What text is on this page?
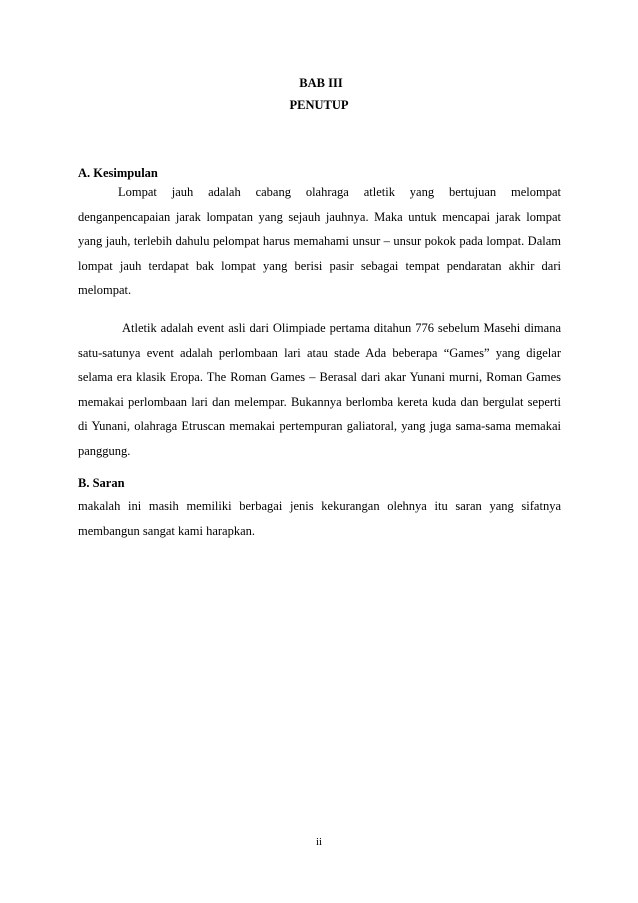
BAB III
PENUTUP
A. Kesimpulan
Lompat jauh adalah cabang olahraga atletik yang bertujuan melompat denganpencapaian jarak lompatan yang sejauh jauhnya. Maka untuk mencapai jarak lompat yang jauh, terlebih dahulu pelompat harus memahami unsur – unsur pokok pada lompat. Dalam lompat jauh terdapat bak lompat yang berisi pasir sebagai tempat pendaratan akhir dari melompat.
Atletik adalah event asli dari Olimpiade pertama ditahun 776 sebelum Masehi dimana satu-satunya event adalah perlombaan lari atau stade Ada beberapa “Games” yang digelar selama era klasik Eropa. The Roman Games – Berasal dari akar Yunani murni, Roman Games memakai perlombaan lari dan melempar. Bukannya berlomba kereta kuda dan bergulat seperti di Yunani, olahraga Etruscan memakai pertempuran galiatoral, yang juga sama-sama memakai panggung.
B. Saran
makalah ini masih memiliki berbagai jenis kekurangan olehnya itu saran yang sifatnya membangun sangat kami harapkan.
ii
